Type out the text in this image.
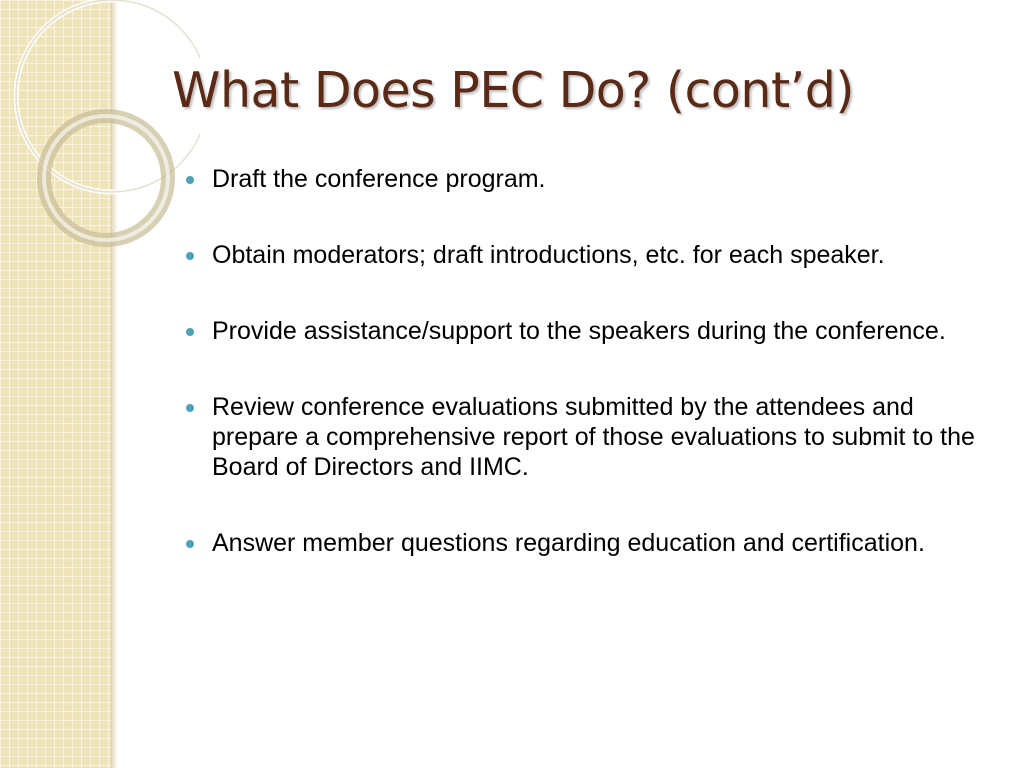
What Does PEC Do? (cont’d)
Draft the conference program.
Obtain moderators; draft introductions, etc. for each speaker.
Provide assistance/support to the speakers during the conference.
Review conference evaluations submitted by the attendees and prepare a comprehensive report of those evaluations to submit to the Board of Directors and IIMC.
Answer member questions regarding education and certification.
